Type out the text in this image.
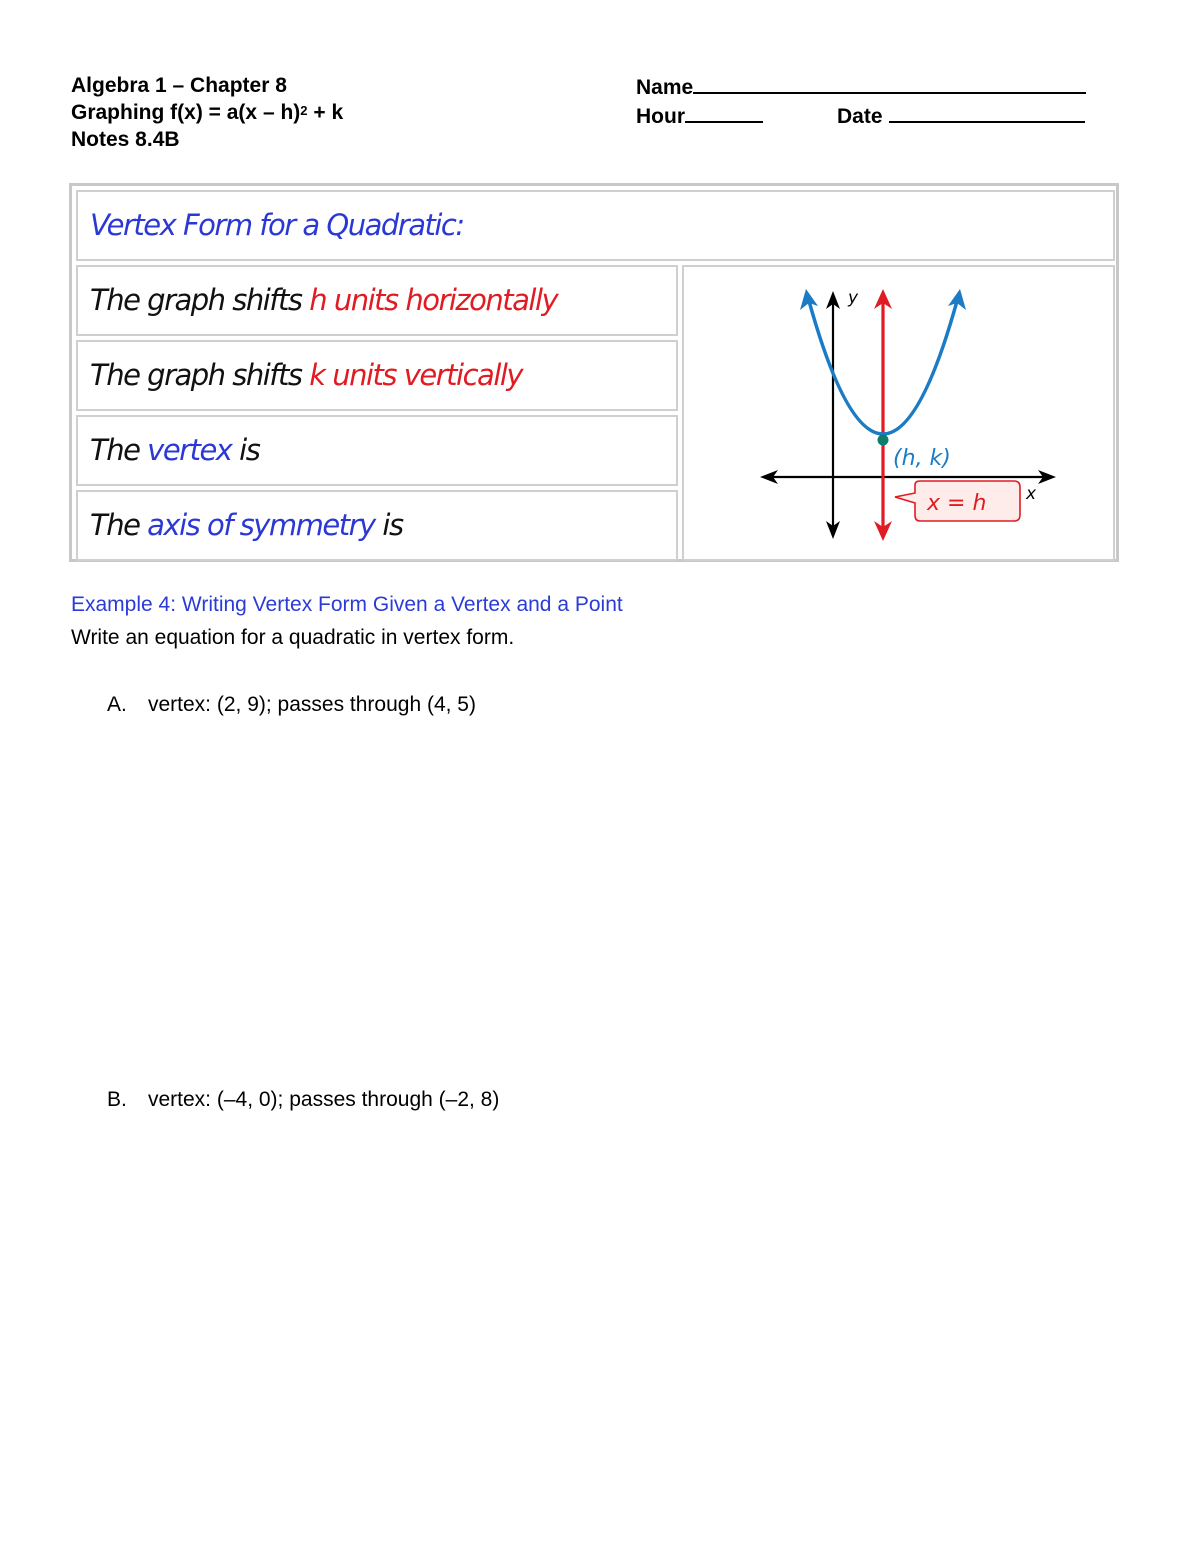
Algebra 1 – Chapter 8
Graphing f(x) = a(x – h)$^2$ + k
Notes 8.4B
Name
Hour	Date
Vertex Form for a Quadratic:
The graph shifts h units horizontally
The graph shifts k units vertically
The vertex is
The axis of symmetry is
x
y
(h, k)
x = h
Example 4: Writing Vertex Form Given a Vertex and a Point
Write an equation for a quadratic in vertex form.
A. vertex: (2, 9); passes through (4, 5)
B. vertex: (–4, 0); passes through (–2, 8)
